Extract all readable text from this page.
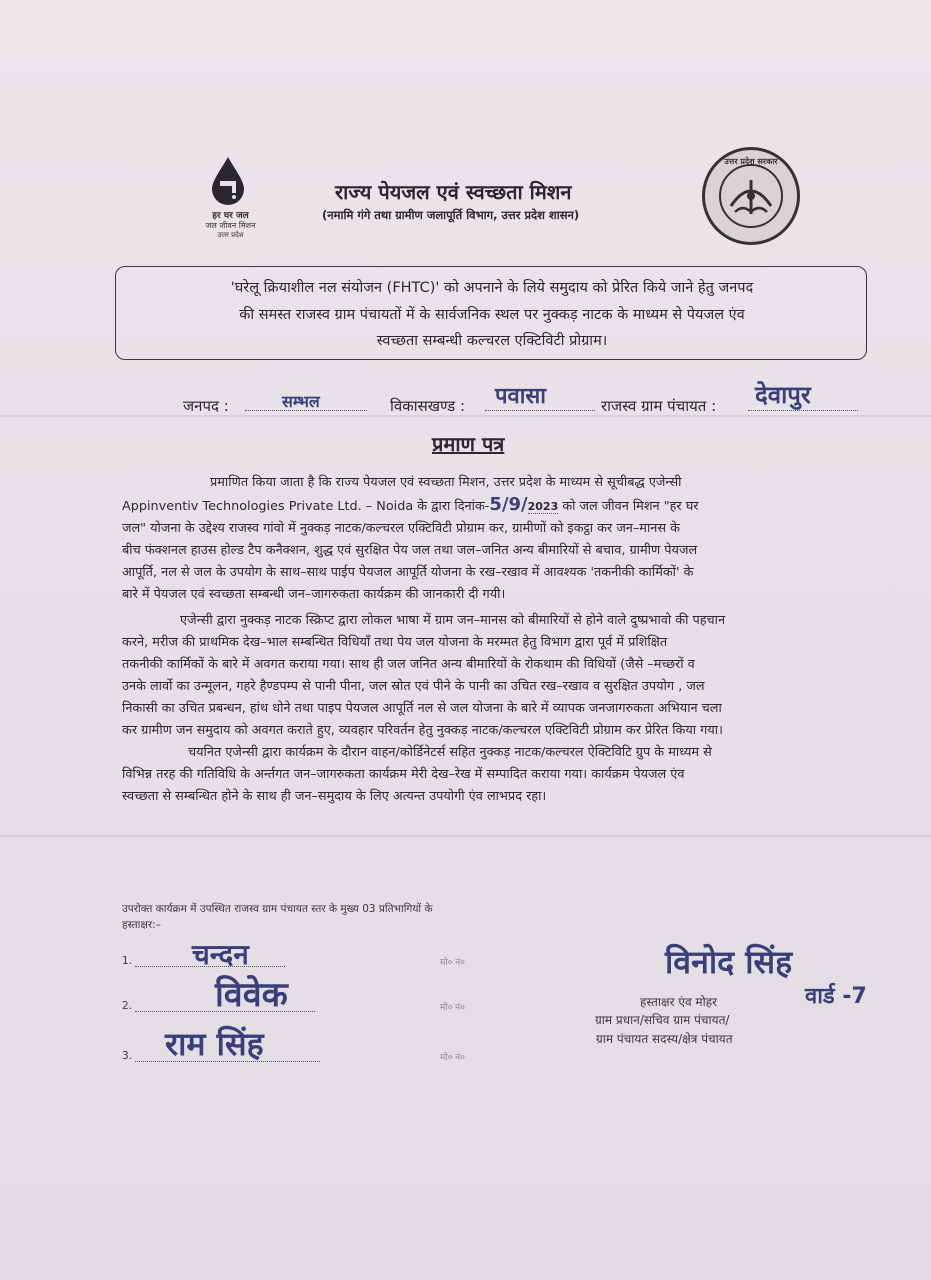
हर घर जल
जल जीवन मिशन
उत्तर प्रदेश
राज्य पेयजल एवं स्वच्छता मिशन
(नमामि गंगे तथा ग्रामीण जलापूर्ति विभाग, उत्तर प्रदेश शासन)
उत्तर प्रदेश सरकार
'घरेलू क्रियाशील नल संयोजन (FHTC)' को अपनाने के लिये समुदाय को प्रेरित किये जाने हेतु जनपद
की समस्त राजस्व ग्राम पंचायतों में के सार्वजनिक स्थल पर नुक्कड़ नाटक के माध्यम से पेयजल एंव
स्वच्छता सम्बन्धी कल्चरल एक्टिविटी प्रोग्राम।
जनपद :	सम्भल	विकासखण्ड : पवासा	राजस्व ग्राम पंचायत : देवापुर
प्रमाण पत्र
प्रमाणित किया जाता है कि राज्य पेयजल एवं स्वच्छता मिशन, उत्तर प्रदेश के माध्यम से सूचीबद्ध एजेन्सी
Appinventiv Technologies Private Ltd. – Noida के द्वारा दिनांक-5/9/2023 को जल जीवन मिशन "हर घर
जल" योजना के उद्देश्य राजस्व गांवो में नुक्कड़ नाटक/कल्चरल एक्टिविटी प्रोग्राम कर, ग्रामीणों को इकट्ठा कर जन–मानस के
बीच फंक्शनल हाउस होल्ड टैप कनैक्शन, शुद्ध एवं सुरक्षित पेय जल तथा जल–जनित अन्य बीमारियों से बचाव, ग्रामीण पेयजल
आपूर्ति, नल से जल के उपयोग के साथ–साथ पाईप पेयजल आपूर्ति योजना के रख–रखाव में आवश्यक 'तकनीकी कार्मिकों' के
बारे में पेयजल एवं स्वच्छता सम्बन्धी जन–जागरुकता कार्यक्रम की जानकारी दी गयी।
एजेन्सी द्वारा नुक्कड़ नाटक स्क्रिप्ट द्वारा लोकल भाषा में ग्राम जन–मानस को बीमारियों से होने वाले दुष्प्रभावो की पहचान
करने, मरीज की प्राथमिक देख–भाल सम्बन्धित विधियाँ तथा पेय जल योजना के मरम्मत हेतु विभाग द्वारा पूर्व में प्रशिक्षित
तकनीकी कार्मिकों के बारे में अवगत कराया गया। साथ ही जल जनित अन्य बीमारियों के रोकथाम की विधियों (जैसे –मच्छरों व
उनके लार्वो का उन्मूलन, गहरे हैण्डपम्प से पानी पीना, जल स्रोत एवं पीने के पानी का उचित रख–रखाव व सुरक्षित उपयोग , जल
निकासी का उचित प्रबन्धन, हांथ धोने तथा पाइप पेयजल आपूर्ति नल से जल योजना के बारे में व्यापक जनजागरुकता अभियान चला
कर ग्रामीण जन समुदाय को अवगत कराते हुए, व्यवहार परिवर्तन हेतु नुक्कड़ नाटक/कल्चरल एक्टिविटी प्रोग्राम कर प्रेरित किया गया।
चयनित एजेन्सी द्वारा कार्यक्रम के दौरान वाहन/कोर्डिनेटर्स सहित नुक्कड़ नाटक/कल्चरल ऐक्टिविटि ग्रुप के माध्यम से
विभिन्न तरह की गतिविधि के अर्न्तगत जन–जागरुकता कार्यक्रम मेरी देख–रेख में सम्पादित कराया गया। कार्यक्रम पेयजल एंव
स्वच्छता से सम्बन्धित होने के साथ ही जन–समुदाय के लिए अत्यन्त उपयोगी एंव लाभप्रद रहा।
उपरोक्त कार्यक्रम में उपस्थित राजस्व ग्राम पंचायत स्तर के मुख्य 03 प्रतिभागियों के
हस्ताक्षर:–
1. चन्दन	मो० नं०
2. विवेक	मो० नं०
3. राम सिंह	मो० नं०
विनोद सिंह
वार्ड -7
हस्ताक्षर एंव मोहर
ग्राम प्रधान/सचिव ग्राम पंचायत/
ग्राम पंचायत सदस्य/क्षेत्र पंचायत
